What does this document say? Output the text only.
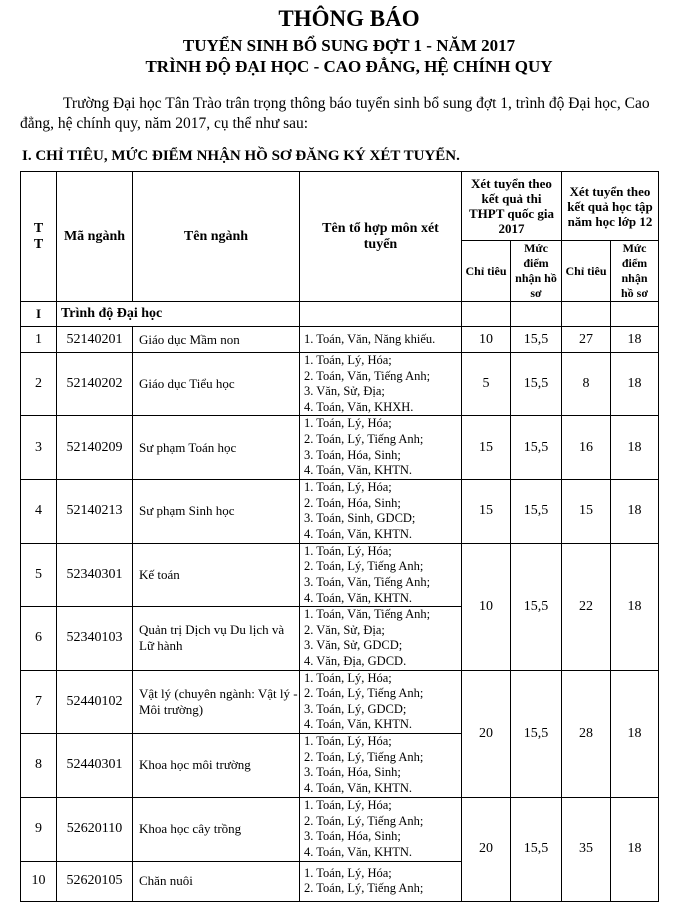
THÔNG BÁO
TUYỂN SINH BỔ SUNG ĐỢT 1 - NĂM 2017
TRÌNH ĐỘ ĐẠI HỌC - CAO ĐẲNG, HỆ CHÍNH QUY
Trường Đại học Tân Trào trân trọng thông báo tuyển sinh bổ sung đợt 1, trình độ Đại học, Cao đẳng, hệ chính quy, năm 2017, cụ thể như sau:
I. CHỈ TIÊU, MỨC ĐIỂM NHẬN HỒ SƠ ĐĂNG KÝ XÉT TUYỂN.
T T	Mã ngành	Tên ngành	Tên tổ hợp môn xét tuyển	Xét tuyển theo kết quả thi THPT quốc gia 2017		Xét tuyển theo kết quả học tập năm học lớp 12	
				Chỉ tiêu	Mức điểm nhận hồ sơ	Chỉ tiêu	Mức điểm nhận hồ sơ
I	Trình độ Đại học						
1	52140201	Giáo dục Mầm non	1. Toán, Văn, Năng khiếu.	10	15,5	27	18
2	52140202	Giáo dục Tiểu học	1. Toán, Lý, Hóa;
2. Toán, Văn, Tiếng Anh;
3. Văn, Sử, Địa;
4. Toán, Văn, KHXH.	5	15,5	8	18
3	52140209	Sư phạm Toán học	1. Toán, Lý, Hóa;
2. Toán, Lý, Tiếng Anh;
3. Toán, Hóa, Sinh;
4. Toán, Văn, KHTN.	15	15,5	16	18
4	52140213	Sư phạm Sinh học	1. Toán, Lý, Hóa;
2. Toán, Hóa, Sinh;
3. Toán, Sinh, GDCD;
4. Toán, Văn, KHTN.	15	15,5	15	18
5	52340301	Kế toán	1. Toán, Lý, Hóa;
2. Toán, Lý, Tiếng Anh;
3. Toán, Văn, Tiếng Anh;
4. Toán, Văn, KHTN.	10	15,5	22	18
6	52340103	Quản trị Dịch vụ Du lịch và Lữ hành	1. Toán, Văn, Tiếng Anh;
2. Văn, Sử, Địa;
3. Văn, Sử, GDCD;
4. Văn, Địa, GDCD.				

7	52440102	Vật lý (chuyên ngành: Vật lý - Môi trường)	1. Toán, Lý, Hóa;
2. Toán, Lý, Tiếng Anh;
3. Toán, Lý, GDCD;
4. Toán, Văn, KHTN.	20	15,5	28	18
8	52440301	Khoa học môi trường	1. Toán, Lý, Hóa;
2. Toán, Lý, Tiếng Anh;
3. Toán, Hóa, Sinh;
4. Toán, Văn, KHTN.				

9	52620110	Khoa học cây trồng	1. Toán, Lý, Hóa;
2. Toán, Lý, Tiếng Anh;
3. Toán, Hóa, Sinh;
4. Toán, Văn, KHTN.	20	15,5	35	18
10	52620105	Chăn nuôi	1. Toán, Lý, Hóa;
2. Toán, Lý, Tiếng Anh;				
